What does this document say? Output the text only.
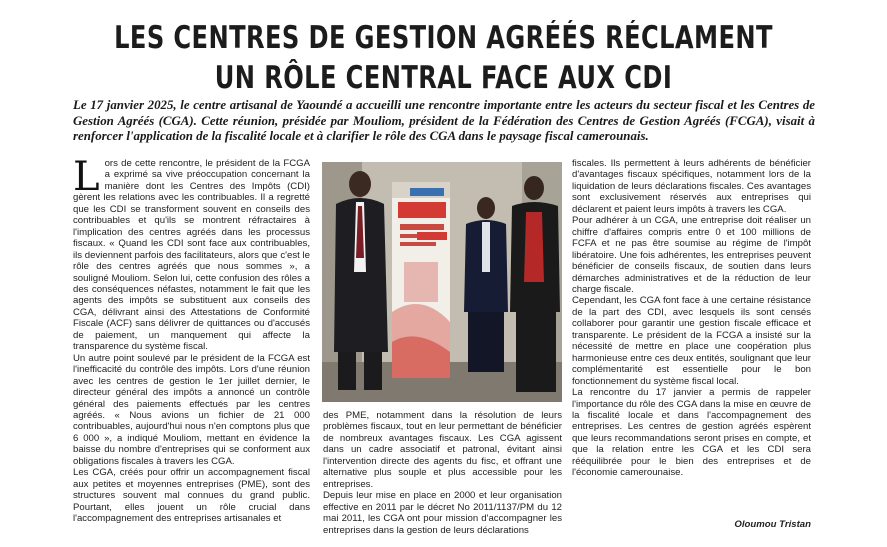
LES CENTRES DE GESTION AGRÉÉS RÉCLAMENT UN RÔLE CENTRAL FACE AUX CDI
Le 17 janvier 2025, le centre artisanal de Yaoundé a accueilli une rencontre importante entre les acteurs du secteur fiscal et les Centres de Gestion Agréés (CGA). Cette réunion, présidée par Mouliom, président de la Fédération des Centres de Gestion Agréés (FCGA), visait à renforcer l'application de la fiscalité locale et à clarifier le rôle des CGA dans le paysage fiscal camerounais.

Lors de cette rencontre, le président de la FCGA a exprimé sa vive préoccupation concernant la manière dont les Centres des Impôts (CDI) gèrent les relations avec les contribuables. Il a regretté que les CDI se transforment souvent en conseils des contribuables et qu'ils se montrent réfractaires à l'implication des centres agréés dans les processus fiscaux. « Quand les CDI sont face aux contribuables, ils deviennent parfois des facilitateurs, alors que c'est le rôle des centres agréés que nous sommes », a souligné Mouliom. Selon lui, cette confusion des rôles a des conséquences néfastes, notamment le fait que les agents des impôts se substituent aux conseils des CGA, délivrant ainsi des Attestations de Conformité Fiscale (ACF) sans délivrer de quittances ou d'accusés de paiement, un manquement qui affecte la transparence du système fiscal.

Un autre point soulevé par le président de la FCGA est l'inefficacité du contrôle des impôts. Lors d'une réunion avec les centres de gestion le 1er juillet dernier, le directeur général des impôts a annoncé un contrôle général des paiements effectués par les centres agréés. « Nous avions un fichier de 21 000 contribuables, aujourd'hui nous n'en comptons plus que 6 000 », a indiqué Mouliom, mettant en évidence la baisse du nombre d'entreprises qui se conforment aux obligations fiscales à travers les CGA.

Les CGA, créés pour offrir un accompagnement fiscal aux petites et moyennes entreprises (PME), sont des structures souvent mal connues du grand public. Pourtant, elles jouent un rôle crucial dans l'accompagnement des entreprises artisanales et

des PME, notamment dans la résolution de leurs problèmes fiscaux, tout en leur permettant de bénéficier de nombreux avantages fiscaux. Les CGA agissent dans un cadre associatif et patronal, évitant ainsi l'intervention directe des agents du fisc, et offrant une alternative plus souple et plus accessible pour les entreprises.

Depuis leur mise en place en 2000 et leur organisation effective en 2011 par le décret No 2011/1137/PM du 12 mai 2011, les CGA ont pour mission d'accompagner les entreprises dans la gestion de leurs déclarations

fiscales. Ils permettent à leurs adhérents de bénéficier d'avantages fiscaux spécifiques, notamment lors de la liquidation de leurs déclarations fiscales. Ces avantages sont exclusivement réservés aux entreprises qui déclarent et paient leurs impôts à travers les CGA.

Pour adhérer à un CGA, une entreprise doit réaliser un chiffre d'affaires compris entre 0 et 100 millions de FCFA et ne pas être soumise au régime de l'impôt libératoire. Une fois adhérentes, les entreprises peuvent bénéficier de conseils fiscaux, de soutien dans leurs démarches administratives et de la réduction de leur charge fiscale.

Cependant, les CGA font face à une certaine résistance de la part des CDI, avec lesquels ils sont censés collaborer pour garantir une gestion fiscale efficace et transparente. Le président de la FCGA a insisté sur la nécessité de mettre en place une coopération plus harmonieuse entre ces deux entités, soulignant que leur complémentarité est essentielle pour le bon fonctionnement du système fiscal local.

La rencontre du 17 janvier a permis de rappeler l'importance du rôle des CGA dans la mise en œuvre de la fiscalité locale et dans l'accompagnement des entreprises. Les centres de gestion agréés espèrent que leurs recommandations seront prises en compte, et que la relation entre les CGA et les CDI sera rééquilibrée pour le bien des entreprises et de l'économie camerounaise.

Oloumou Tristan
